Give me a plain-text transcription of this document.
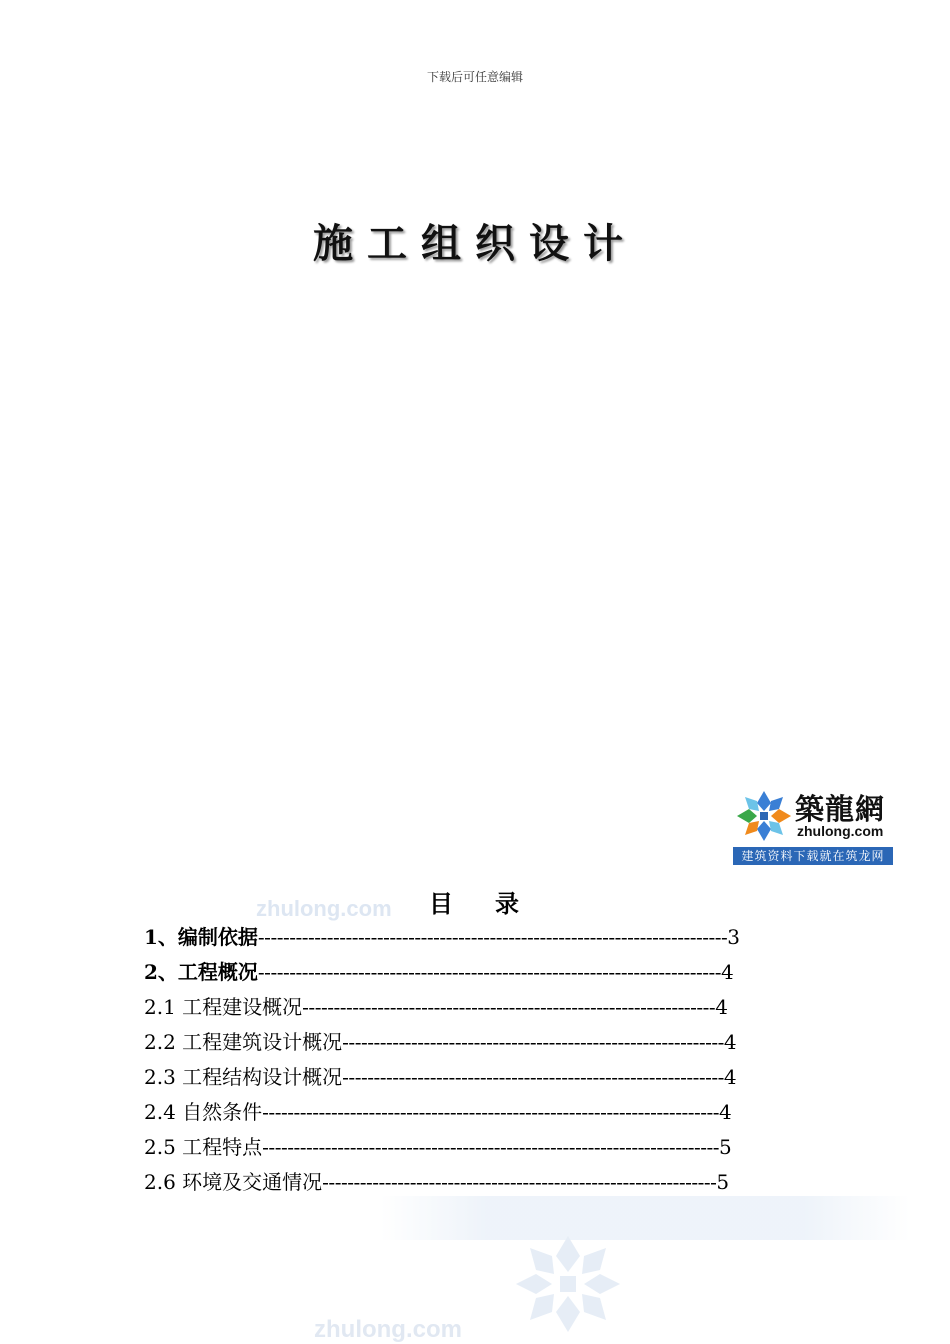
下载后可任意编辑
施工组织设计
築龍網
zhulong.com
建筑资料下载就在筑龙网
zhulong.com
zhulong.com
目 录
1、编制依据---------------------------------------------------------------------------3
2、工程概况--------------------------------------------------------------------------4
2.1 工程建设概况------------------------------------------------------------------4
2.2 工程建筑设计概况-------------------------------------------------------------4
2.3 工程结构设计概况-------------------------------------------------------------4
2.4 自然条件-------------------------------------------------------------------------4
2.5 工程特点-------------------------------------------------------------------------5
2.6 环境及交通情况---------------------------------------------------------------5
